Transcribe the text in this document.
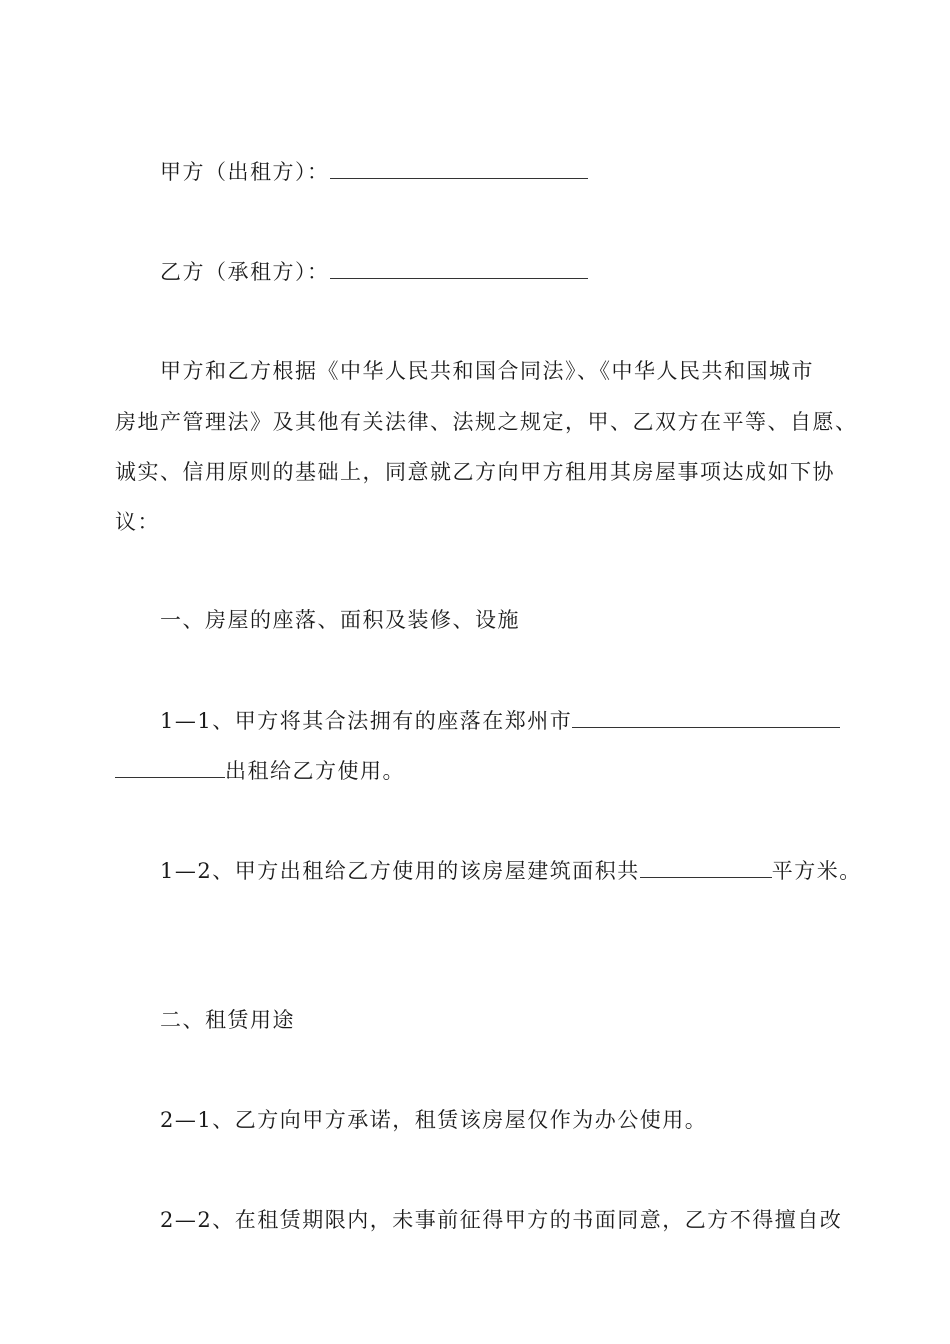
甲方（出租方）：
乙方（承租方）：
甲方和乙方根据《中华人民共和国合同法》、《中华人民共和国城市
房地产管理法》及其他有关法律、法规之规定，甲、乙双方在平等、自愿、
诚实、信用原则的基础上，同意就乙方向甲方租用其房屋事项达成如下协
议：
一、房屋的座落、面积及装修、设施
1—1、甲方将其合法拥有的座落在郑州市
出租给乙方使用。
1—2、甲方出租给乙方使用的该房屋建筑面积共	平方米。
二、租赁用途
2—1、乙方向甲方承诺，租赁该房屋仅作为办公使用。
2—2、在租赁期限内，未事前征得甲方的书面同意，乙方不得擅自改
